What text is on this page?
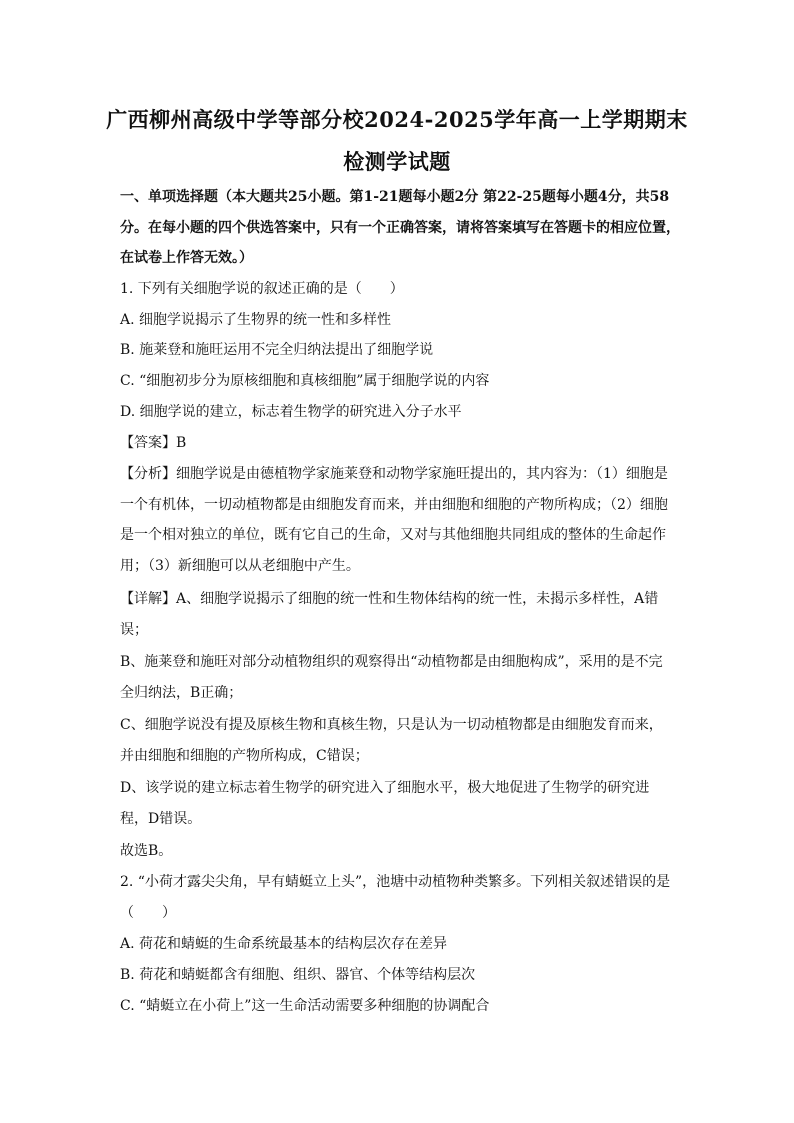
广西柳州高级中学等部分校2024-2025学年高一上学期期末
检测学试题
一、单项选择题（本大题共25小题。第1-21题每小题2分 第22-25题每小题4分，共58
分。在每小题的四个供选答案中，只有一个正确答案，请将答案填写在答题卡的相应位置，
在试卷上作答无效。）
1. 下列有关细胞学说的叙述正确的是（　　）
A. 细胞学说揭示了生物界的统一性和多样性
B. 施莱登和施旺运用不完全归纳法提出了细胞学说
C. “细胞初步分为原核细胞和真核细胞”属于细胞学说的内容
D. 细胞学说的建立，标志着生物学的研究进入分子水平
【答案】B
【分析】细胞学说是由德植物学家施莱登和动物学家施旺提出的，其内容为：（1）细胞是
一个有机体，一切动植物都是由细胞发育而来，并由细胞和细胞的产物所构成；（2）细胞
是一个相对独立的单位，既有它自己的生命，又对与其他细胞共同组成的整体的生命起作
用；（3）新细胞可以从老细胞中产生。
【详解】A、细胞学说揭示了细胞的统一性和生物体结构的统一性，未揭示多样性，A错
误；
B、施莱登和施旺对部分动植物组织的观察得出“动植物都是由细胞构成”，采用的是不完
全归纳法，B正确；
C、细胞学说没有提及原核生物和真核生物，只是认为一切动植物都是由细胞发育而来，
并由细胞和细胞的产物所构成，C错误；
D、该学说的建立标志着生物学的研究进入了细胞水平，极大地促进了生物学的研究进
程，D错误。
故选B。
2. “小荷才露尖尖角，早有蜻蜓立上头”，池塘中动植物种类繁多。下列相关叙述错误的是
（　　）
A. 荷花和蜻蜓的生命系统最基本的结构层次存在差异
B. 荷花和蜻蜓都含有细胞、组织、器官、个体等结构层次
C. “蜻蜓立在小荷上”这一生命活动需要多种细胞的协调配合
